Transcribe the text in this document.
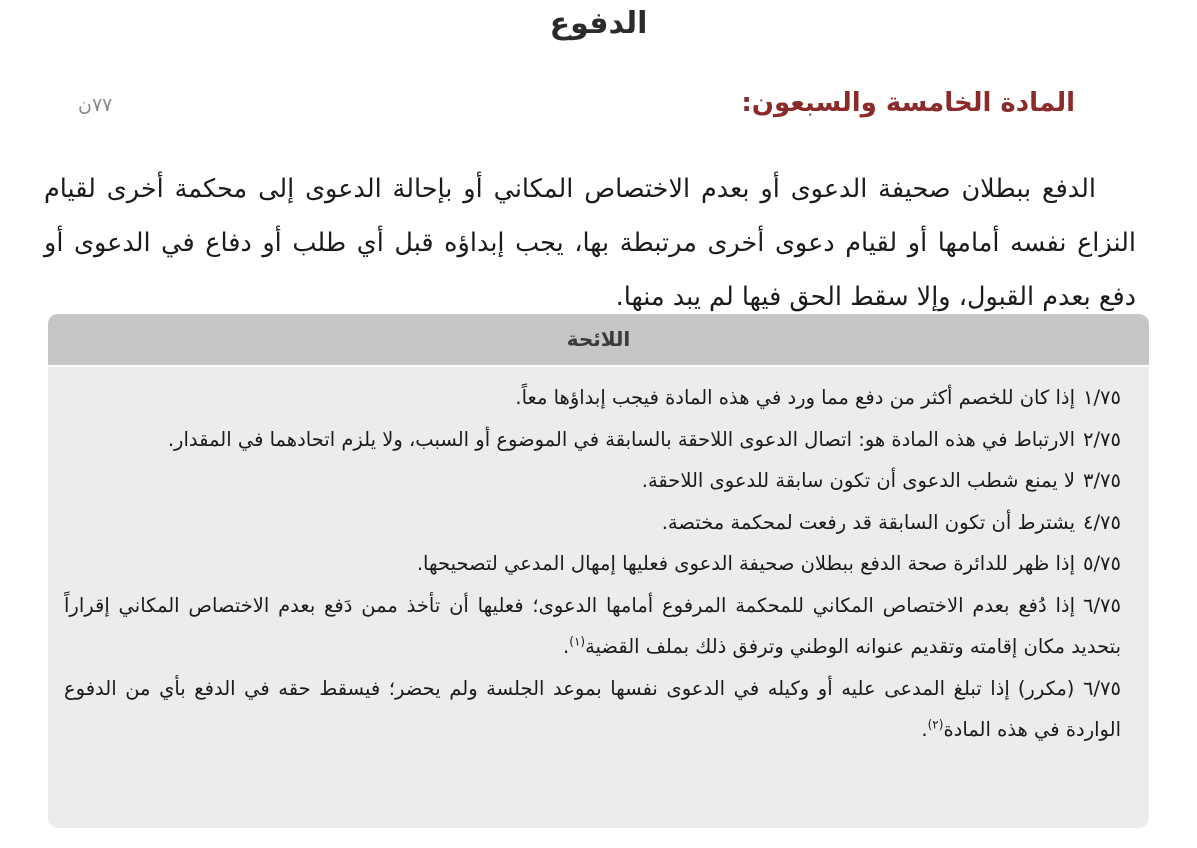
الدفوع
المادة الخامسة والسبعون:
٧٧ن

الدفع ببطلان صحيفة الدعوى أو بعدم الاختصاص المكاني أو بإحالة الدعوى إلى محكمة أخرى لقيام النزاع نفسه أمامها أو لقيام دعوى أخرى مرتبطة بها، يجب إبداؤه قبل أي طلب أو دفاع في الدعوى أو دفع بعدم القبول، وإلا سقط الحق فيها لم يبد منها.

اللائحة
١/٧٥إذا كان للخصم أكثر من دفع مما ورد في هذه المادة فيجب إبداؤها معاً.
٢/٧٥الارتباط في هذه المادة هو: اتصال الدعوى اللاحقة بالسابقة في الموضوع أو السبب، ولا يلزم اتحادهما في المقدار.
٣/٧٥لا يمنع شطب الدعوى أن تكون سابقة للدعوى اللاحقة.
٤/٧٥يشترط أن تكون السابقة قد رفعت لمحكمة مختصة.
٥/٧٥إذا ظهر للدائرة صحة الدفع ببطلان صحيفة الدعوى فعليها إمهال المدعي لتصحيحها.
٦/٧٥إذا دُفع بعدم الاختصاص المكاني للمحكمة المرفوع أمامها الدعوى؛ فعليها أن تأخذ ممن دَفع بعدم الاختصاص المكاني إقراراً بتحديد مكان إقامته وتقديم عنوانه الوطني وترفق ذلك بملف القضية$^{(١)}$.
٦/٧٥ (مكرر)إذا تبلغ المدعى عليه أو وكيله في الدعوى نفسها بموعد الجلسة ولم يحضر؛ فيسقط حقه في الدفع بأي من الدفوع الواردة في هذه المادة$^{(٢)}$.
